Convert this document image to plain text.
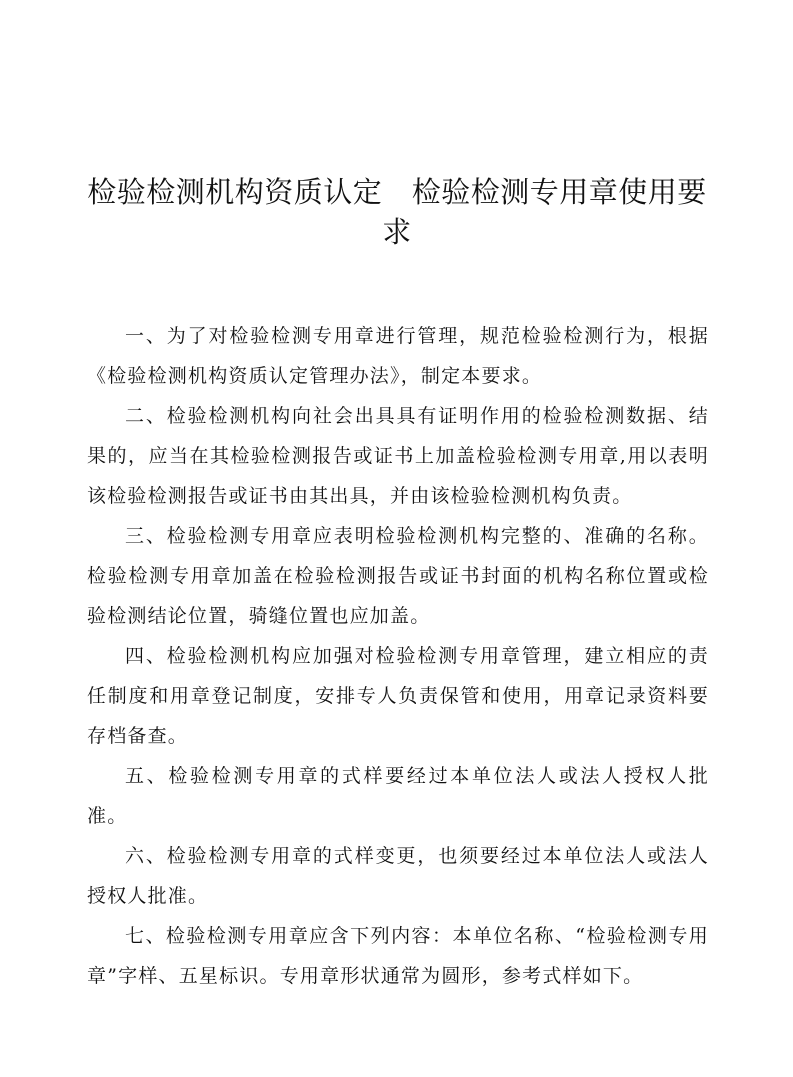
检验检测机构资质认定　检验检测专用章使用要求

一、为了对检验检测专用章进行管理，规范检验检测行为，根据《检验检测机构资质认定管理办法》，制定本要求。

二、检验检测机构向社会出具具有证明作用的检验检测数据、结果的，应当在其检验检测报告或证书上加盖检验检测专用章,用以表明该检验检测报告或证书由其出具，并由该检验检测机构负责。

三、检验检测专用章应表明检验检测机构完整的、准确的名称。检验检测专用章加盖在检验检测报告或证书封面的机构名称位置或检验检测结论位置，骑缝位置也应加盖。

四、检验检测机构应加强对检验检测专用章管理，建立相应的责任制度和用章登记制度，安排专人负责保管和使用，用章记录资料要存档备查。

五、检验检测专用章的式样要经过本单位法人或法人授权人批准。

六、检验检测专用章的式样变更，也须要经过本单位法人或法人授权人批准。

七、检验检测专用章应含下列内容：本单位名称、“检验检测专用章”字样、五星标识。专用章形状通常为圆形，参考式样如下。
